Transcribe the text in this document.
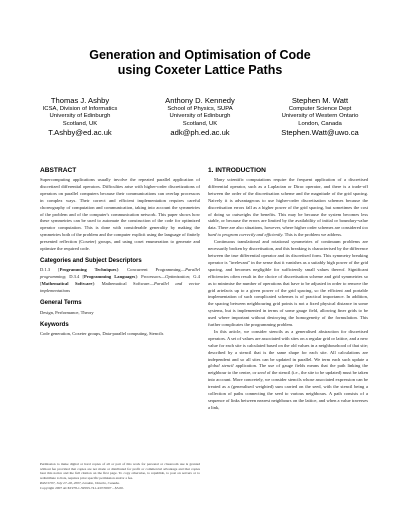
Generation and Optimisation of Code
using Coxeter Lattice Paths
Thomas J. Ashby
ICSA, Division of Informatics
University of Edinburgh
Scotland, UK
T.Ashby@ed.ac.uk
Anthony D. Kennedy
School of Physics, SUPA
University of Edinburgh
Scotland, UK
adk@ph.ed.ac.uk
Stephen M. Watt
Computer Science Dept
University of Western Ontario
London, Canada
Stephen.Watt@uwo.ca
ABSTRACT

Supercomputing applications usually involve the repeated parallel application of discretized differential operators. Difficulties arise with higher-order discretizations of operators on parallel computers because their communications can overlap processors in complex ways. Their correct and efficient implementation requires careful choreography of computation and communication, taking into account the symmetries of the problem and of the computer's communication network. This paper shows how these symmetries can be used to automate the construction of the code for optimized operator computation. This is done with considerable generality by making the symmetries both of the problem and the computer explicit using the language of finitely presented reflection (Coxeter) groups, and using coset enumeration to generate and optimize the required code.

Categories and Subject Descriptors

D.1.3 [Programming Techniques]: Concurrent Programming—Parallel programming; D.3.4 [Programming Languages]: Processors—Optimization; G.4 [Mathematical Software]: Mathematical Software—Parallel and vector implementations

General Terms

Design, Performance, Theory

Keywords

Code generation, Coxeter groups, Data-parallel computing, Stencils

Permission to make digital or hard copies of all or part of this work for personal or classroom use is granted without fee provided that copies are not made or distributed for profit or commercial advantage and that copies bear this notice and the full citation on the first page. To copy otherwise, to republish, to post on servers or to redistribute to lists, requires prior specific permission and/or a fee.
PASCO'07, July 27–28, 2007, London, Ontario, Canada.
Copyright 2007 ACM 978-1-59593-741-4/07/0007 ...$5.00.
1. INTRODUCTION

Many scientific computations require the frequent application of a discretised differential operator, such as a Laplacian or Dirac operator, and there is a trade-off between the order of the discretisation scheme and the magnitude of the grid spacing. Naively it is advantageous to use higher-order discretisation schemes because the discretisation errors fall as a higher power of the grid spacing, but sometimes the cost of doing so outweighs the benefits. This may be because the system becomes less stable, or because the errors are limited by the availability of initial or boundary-value data. There are also situations, however, where higher order schemes are considered too hard to program correctly and efficiently. This is the problem we address.

Continuous translational and rotational symmetries of continuum problems are necessarily broken by discretisation, and this breaking is characterised by the difference between the true differential operator and its discretised form. This symmetry breaking operator is "irrelevant" in the sense that it vanishes as a suitably high power of the grid spacing, and becomes negligible for sufficiently small values thereof. Significant efficiencies often result in the choice of discretisation scheme and grid symmetries so as to minimise the number of operations that have to be adjusted in order to remove the grid artefacts up to a given power of the grid spacing, so the efficient and portable implementation of such complicated schemes is of practical importance. In addition, the spacing between neighbouring grid points is not a fixed physical distance in some systems, but is implemented in terms of some gauge field, allowing finer grids to be used where important without destroying the homogeneity of the formulation. This further complicates the programming problem.

In this article, we consider stencils as a generalised abstraction for discretised operators. A set of values are associated with sites on a regular grid or lattice, and a new value for each site is calculated based on the old values in a neighbourhood of that site; described by a stencil that is the same shape for each site. All calculations are independent and so all sites can be updated in parallel. We term each such update a global stencil application. The use of gauge fields means that the path linking the neighbour to the centre, or seed of the stencil (i.e., the site to be updated) must be taken into account. More concretely, we consider stencils whose associated expression can be treated as a (generalised weighted) sum carried on the seed, with the stencil being a collection of paths connecting the seed to various neighbours. A path consists of a sequence of links between nearest neighbours on the lattice, and when a value traverses a link,
